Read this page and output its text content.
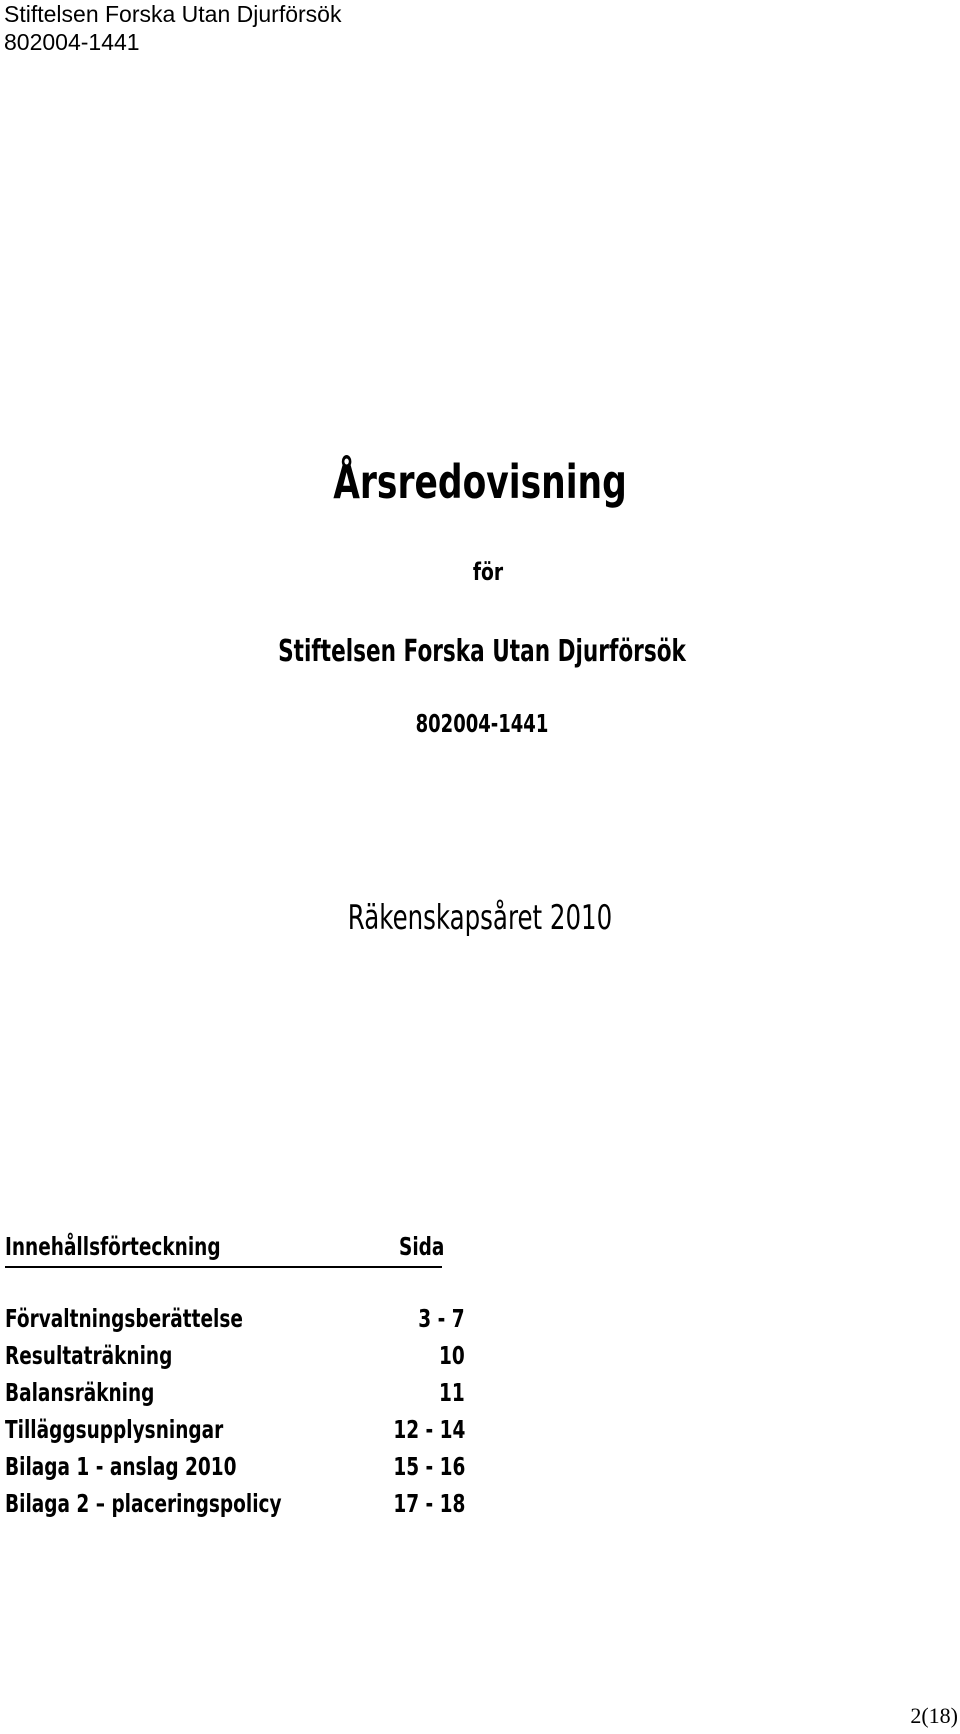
Stiftelsen Forska Utan Djurförsök
802004-1441
Årsredovisning
för
Stiftelsen Forska Utan Djurförsök
802004-1441
Räkenskapsåret 2010
Innehållsförteckning	Sida
Förvaltningsberättelse	3 - 7
Resultaträkning	10
Balansräkning	11
Tilläggsupplysningar	12 - 14
Bilaga 1 - anslag 2010	15 - 16
Bilaga 2 – placeringspolicy	17 - 18
2(18)
